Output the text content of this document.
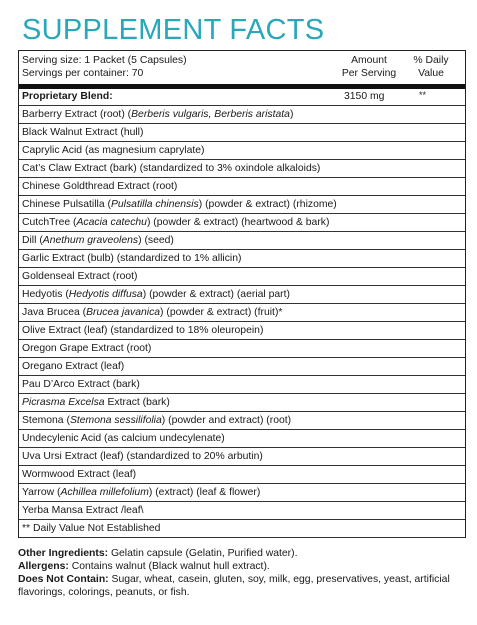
SUPPLEMENT FACTS
Serving size: 1 Packet (5 Capsules)
Servings per container: 70
Amount
Per Serving
% Daily
Value
Proprietary Blend:	3150 mg	**
Barberry Extract (root) (Berberis vulgaris, Berberis aristata)
Black Walnut Extract (hull)
Caprylic Acid (as magnesium caprylate)
Cat’s Claw Extract (bark) (standardized to 3% oxindole alkaloids)
Chinese Goldthread Extract (root)
Chinese Pulsatilla (Pulsatilla chinensis) (powder & extract) (rhizome)
CutchTree (Acacia catechu) (powder & extract) (heartwood & bark)
Dill (Anethum graveolens) (seed)
Garlic Extract (bulb) (standardized to 1% allicin)
Goldenseal Extract (root)
Hedyotis (Hedyotis diffusa) (powder & extract) (aerial part)
Java Brucea (Brucea javanica) (powder & extract) (fruit)*
Olive Extract (leaf) (standardized to 18% oleuropein)
Oregon Grape Extract (root)
Oregano Extract (leaf)
Pau D’Arco Extract (bark)
Picrasma Excelsa Extract (bark)
Stemona (Stemona sessilifolia) (powder and extract) (root)
Undecylenic Acid (as calcium undecylenate)
Uva Ursi Extract (leaf) (standardized to 20% arbutin)
Wormwood Extract (leaf)
Yarrow (Achillea millefolium) (extract) (leaf & flower)
Yerba Mansa Extract /leaf\
** Daily Value Not Established

Other Ingredients: Gelatin capsule (Gelatin, Purified water).

Allergens: Contains walnut (Black walnut hull extract).

Does Not Contain: Sugar, wheat, casein, gluten, soy, milk, egg, preservatives, yeast, artificial flavorings, colorings, peanuts, or fish.
